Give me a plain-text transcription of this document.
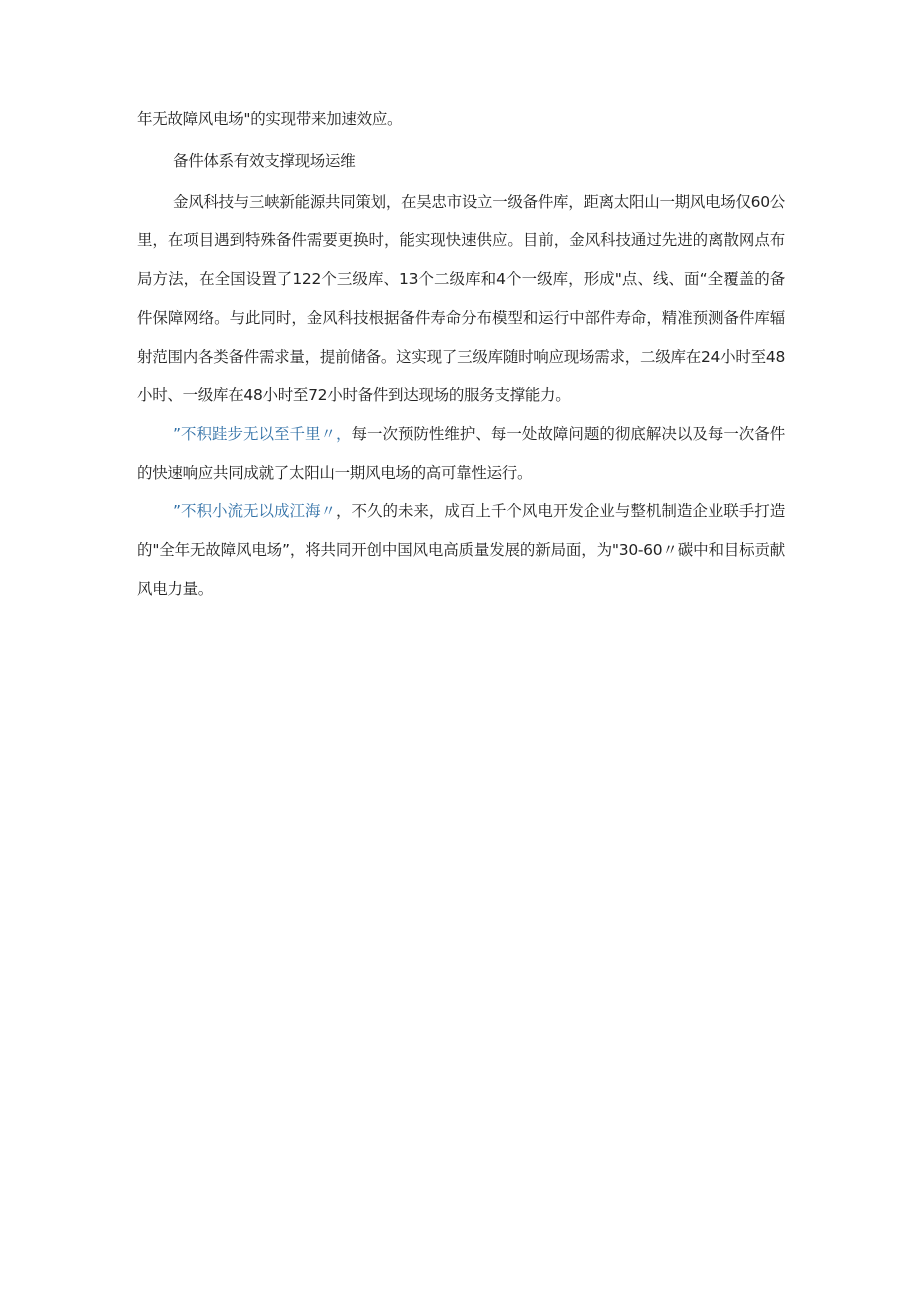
年无故障风电场"的实现带来加速效应。

备件体系有效支撑现场运维

金风科技与三峡新能源共同策划，在吴忠市设立一级备件库，距离太阳山一期风电场仅60公里，在项目遇到特殊备件需要更换时，能实现快速供应。目前，金风科技通过先进的离散网点布局方法，在全国设置了122个三级库、13个二级库和4个一级库，形成"点、线、面“全覆盖的备件保障网络。与此同时，金风科技根据备件寿命分布模型和运行中部件寿命，精准预测备件库辐射范围内各类备件需求量，提前储备。这实现了三级库随时响应现场需求，二级库在24小时至48小时、一级库在48小时至72小时备件到达现场的服务支撑能力。

”不积跬步无以至千里〃，每一次预防性维护、每一处故障问题的彻底解决以及每一次备件的快速响应共同成就了太阳山一期风电场的高可靠性运行。

”不积小流无以成江海〃，不久的未来，成百上千个风电开发企业与整机制造企业联手打造的"全年无故障风电场”，将共同开创中国风电高质量发展的新局面，为"30-60〃碳中和目标贡献风电力量。
